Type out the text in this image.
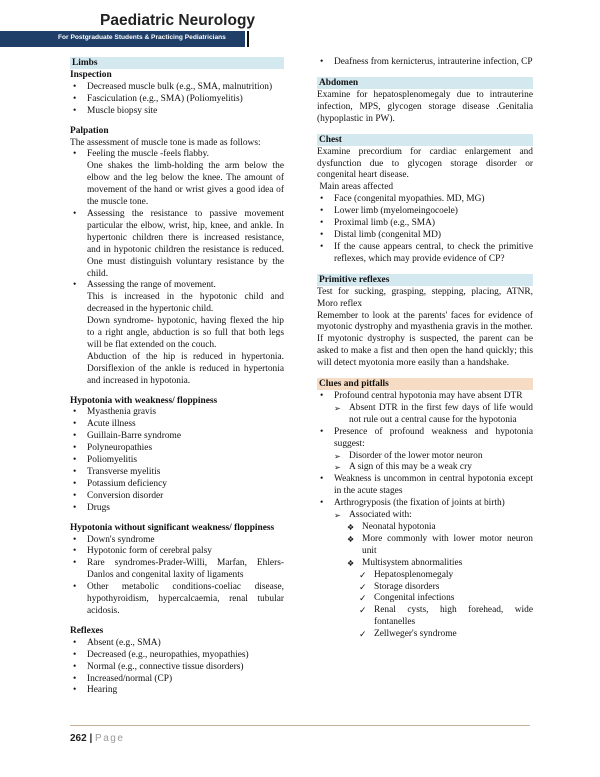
Paediatric Neurology
For Postgraduate Students & Practicing Pediatricians
Limbs
Inspection
• Decreased muscle bulk (e.g., SMA, malnutrition)
• Fasciculation (e.g., SMA) (Poliomyelitis)
• Muscle biopsy site
Palpation

The assessment of muscle tone is made as follows:

• Feeling the muscle -feels flabby.
One shakes the limb-holding the arm below the elbow and the leg below the knee. The amount of movement of the hand or wrist gives a good idea of the muscle tone.
• Assessing the resistance to passive movement particular the elbow, wrist, hip, knee, and ankle. In hypertonic children there is increased resistance, and in hypotonic children the resistance is reduced. One must distinguish voluntary resistance by the child.
• Assessing the range of movement.
This is increased in the hypotonic child and decreased in the hypertonic child.
Down syndrome- hypotonic, having flexed the hip to a right angle, abduction is so full that both legs will be flat extended on the couch.
Abduction of the hip is reduced in hypertonia. Dorsiflexion of the ankle is reduced in hypertonia and increased in hypotonia.
Hypotonia with weakness/ floppiness
• Myasthenia gravis
• Acute illness
• Guillain-Barre syndrome
• Polyneuropathies
• Poliomyelitis
• Transverse myelitis
• Potassium deficiency
• Conversion disorder
• Drugs
Hypotonia without significant weakness/ floppiness
• Down's syndrome
• Hypotonic form of cerebral palsy
• Rare syndromes-Prader-Willi, Marfan, Ehlers-Danlos and congenital laxity of ligaments
• Other metabolic conditions-coeliac disease, hypothyroidism, hypercalcaemia, renal tubular acidosis.
Reflexes
• Absent (e.g., SMA)
• Decreased (e.g., neuropathies, myopathies)
• Normal (e.g., connective tissue disorders)
• Increased/normal (CP)
• Hearing
• Deafness from kernicterus, intrauterine infection, CP
Abdomen

Examine for hepatosplenomegaly due to intrauterine infection, MPS, glycogen storage disease .Genitalia (hypoplastic in PW).

Chest

Examine precordium for cardiac enlargement and dysfunction due to glycogen storage disorder or congenital heart disease.

Main areas affected

• Face (congenital myopathies. MD, MG)
• Lower limb (myelomeingocoele)
• Proximal limb (e.g., SMA)
• Distal limb (congenital MD)
• If the cause appears central, to check the primitive reflexes, which may provide evidence of CP?
Primitive reflexes

Test for sucking, grasping, stepping, placing, ATNR, Moro reflex

Remember to look at the parents' faces for evidence of myotonic dystrophy and myasthenia gravis in the mother.

If myotonic dystrophy is suspected, the parent can be asked to make a fist and then open the hand quickly; this will detect myotonia more easily than a handshake.

Clues and pitfalls
• Profound central hypotonia may have absent DTR
➢ Absent DTR in the first few days of life would not rule out a central cause for the hypotonia
• Presence of profound weakness and hypotonia suggest:
➢ Disorder of the lower motor neuron
➢ A sign of this may be a weak cry
• Weakness is uncommon in central hypotonia except in the acute stages
• Arthrogryposis (the fixation of joints at birth)
➢ Associated with:
❖ Neonatal hypotonia
❖ More commonly with lower motor neuron unit
❖ Multisystem abnormalities
✓ Hepatosplenomegaly
✓ Storage disorders
✓ Congenital infections
✓ Renal cysts, high forehead, wide fontanelles
✓ Zellweger's syndrome
262 | Page
